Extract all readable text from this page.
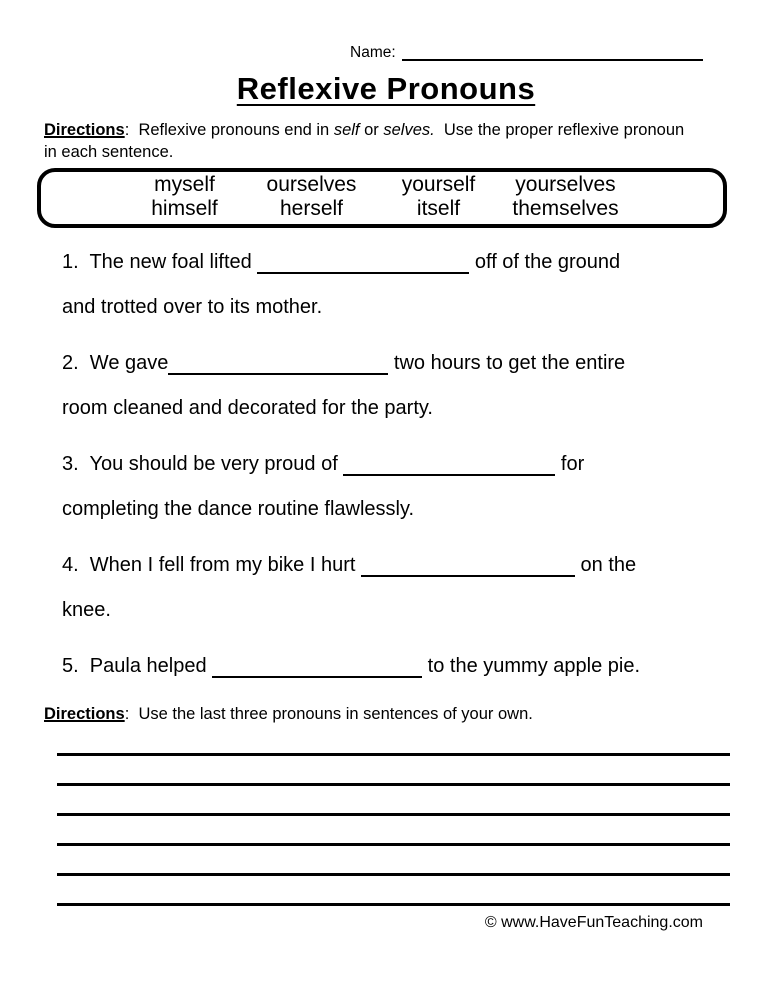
Name:
Reflexive Pronouns

Directions:  Reflexive pronouns end in self or selves.  Use the proper reflexive pronoun in each sentence.

myself	ourselves	yourself	yourselves
himself	herself	itself	themselves
1.  The new foal lifted	off of the ground
and trotted over to its mother.
2.  We gave	two hours to get the entire
room cleaned and decorated for the party.
3.  You should be very proud of	for
completing the dance routine flawlessly.
4.  When I fell from my bike I hurt	on the
knee.
5.  Paula helped	to the yummy apple pie.

Directions:  Use the last three pronouns in sentences of your own.

© www.HaveFunTeaching.com
